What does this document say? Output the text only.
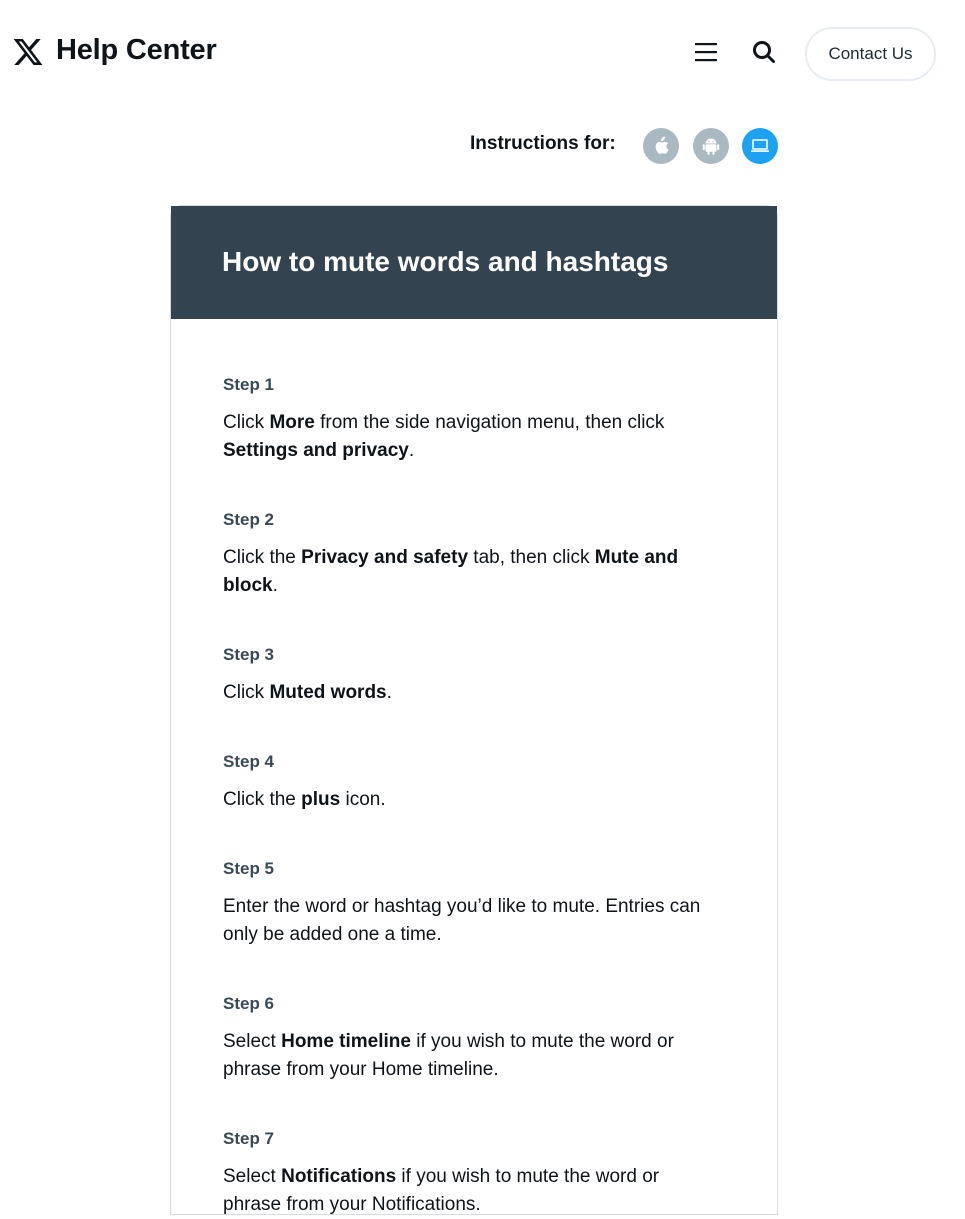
Help Center	Contact Us
Instructions for:
How to mute words and hashtags
Step 1
Click More from the side navigation menu, then click Settings and privacy.
Step 2
Click the Privacy and safety tab, then click Mute and block.
Step 3
Click Muted words.
Step 4
Click the plus icon.
Step 5
Enter the word or hashtag you’d like to mute. Entries can only be added one a time.
Step 6
Select Home timeline if you wish to mute the word or phrase from your Home timeline.
Step 7
Select Notifications if you wish to mute the word or phrase from your Notifications.
